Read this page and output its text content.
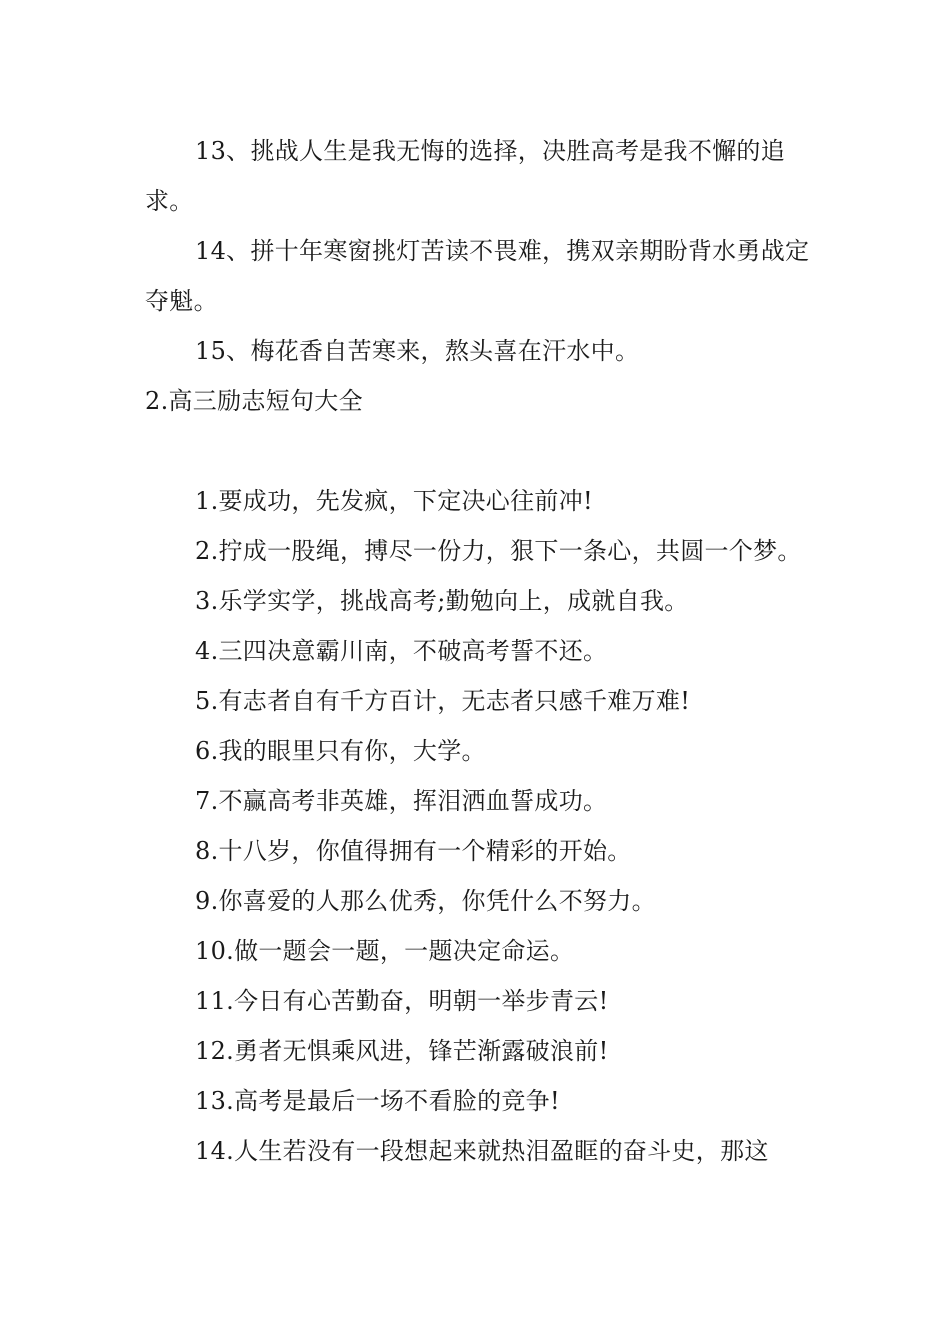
13、挑战人生是我无悔的选择，决胜高考是我不懈的追求。

14、拼十年寒窗挑灯苦读不畏难，携双亲期盼背水勇战定夺魁。

15、梅花香自苦寒来，熬头喜在汗水中。

2.高三励志短句大全

1.要成功，先发疯，下定决心往前冲!

2.拧成一股绳，搏尽一份力，狠下一条心，共圆一个梦。

3.乐学实学，挑战高考;勤勉向上，成就自我。

4.三四决意霸川南，不破高考誓不还。

5.有志者自有千方百计，无志者只感千难万难!

6.我的眼里只有你，大学。

7.不赢高考非英雄，挥泪洒血誓成功。

8.十八岁，你值得拥有一个精彩的开始。

9.你喜爱的人那么优秀，你凭什么不努力。

10.做一题会一题，一题决定命运。

11.今日有心苦勤奋，明朝一举步青云!

12.勇者无惧乘风进，锋芒渐露破浪前!

13.高考是最后一场不看脸的竞争!

14.人生若没有一段想起来就热泪盈眶的奋斗史，那这
